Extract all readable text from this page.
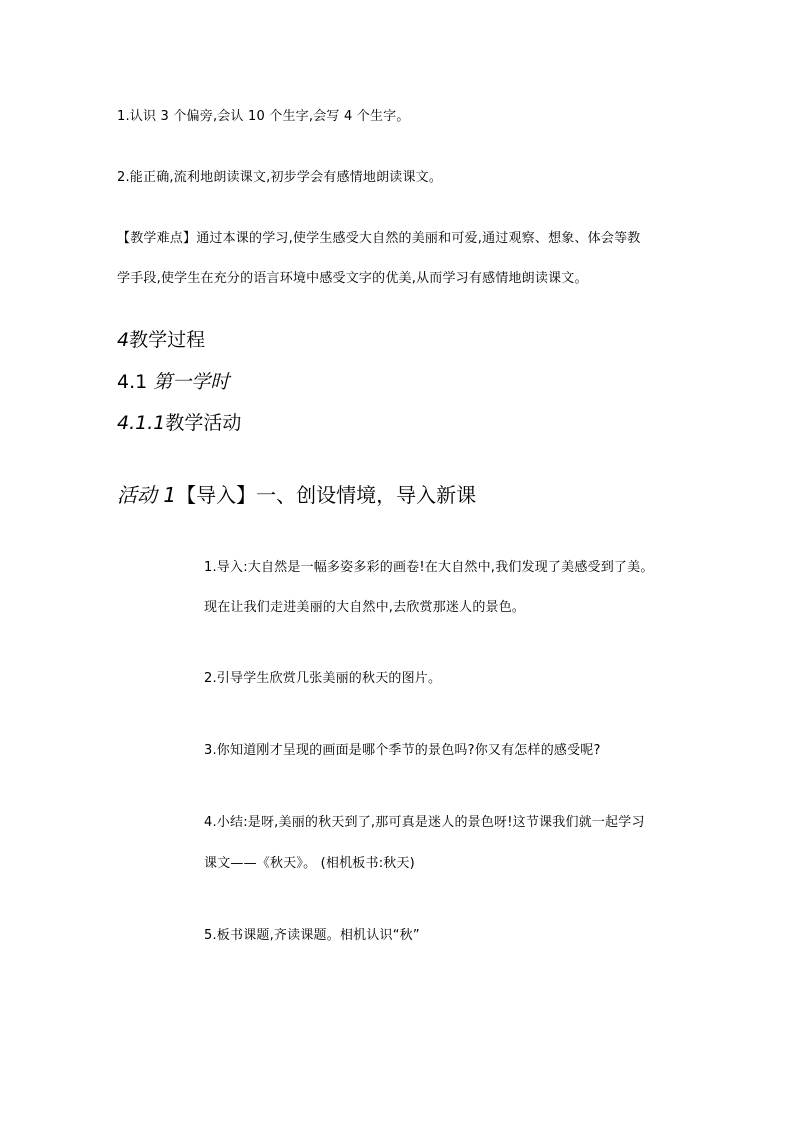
1.认识 3 个偏旁,会认 10 个生字,会写 4 个生字。
2.能正确,流利地朗读课文,初步学会有感情地朗读课文。
【教学难点】通过本课的学习,使学生感受大自然的美丽和可爱,通过观察、想象、体会等教
学手段,使学生在充分的语言环境中感受文字的优美,从而学习有感情地朗读课文。
4教学过程
4.1 第一学时
4.1.1教学活动
活动 1【导入】一、创设情境，导入新课
1.导入:大自然是一幅多姿多彩的画卷!在大自然中,我们发现了美感受到了美。
现在让我们走进美丽的大自然中,去欣赏那迷人的景色。
2.引导学生欣赏几张美丽的秋天的图片。
3.你知道刚才呈现的画面是哪个季节的景色吗?你又有怎样的感受呢?
4.小结:是呀,美丽的秋天到了,那可真是迷人的景色呀!这节课我们就一起学习
课文——《秋天》。 (相机板书:秋天)
5.板书课题,齐读课题。相机认识“秋”
